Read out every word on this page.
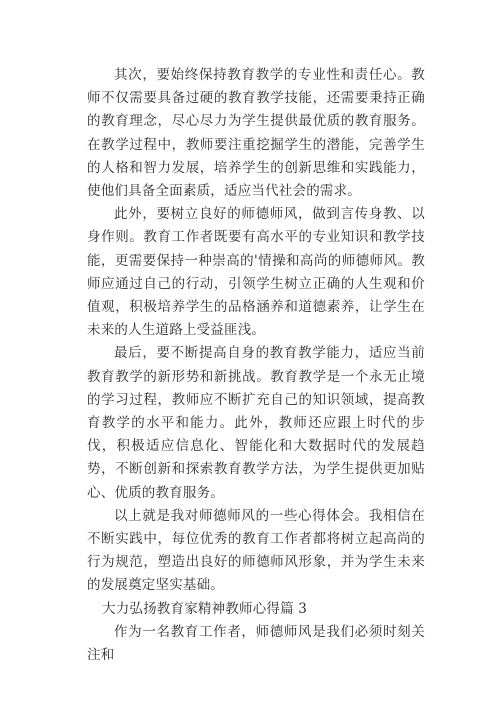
其次，要始终保持教育教学的专业性和责任心。教师不仅需要具备过硬的教育教学技能，还需要秉持正确的教育理念，尽心尽力为学生提供最优质的教育服务。在教学过程中，教师要注重挖掘学生的潜能，完善学生的人格和智力发展，培养学生的创新思维和实践能力，使他们具备全面素质，适应当代社会的需求。

此外，要树立良好的师德师风，做到言传身教、以身作则。教育工作者既要有高水平的专业知识和教学技能，更需要保持一种崇高的'情操和高尚的师德师风。教师应通过自己的行动，引领学生树立正确的人生观和价值观，积极培养学生的品格涵养和道德素养，让学生在未来的人生道路上受益匪浅。

最后，要不断提高自身的教育教学能力，适应当前教育教学的新形势和新挑战。教育教学是一个永无止境的学习过程，教师应不断扩充自己的知识领域，提高教育教学的水平和能力。此外，教师还应跟上时代的步伐，积极适应信息化、智能化和大数据时代的发展趋势，不断创新和探索教育教学方法，为学生提供更加贴心、优质的教育服务。

以上就是我对师德师风的一些心得体会。我相信在不断实践中，每位优秀的教育工作者都将树立起高尚的行为规范，塑造出良好的师德师风形象，并为学生未来的发展奠定坚实基础。

大力弘扬教育家精神教师心得篇 3

作为一名教育工作者，师德师风是我们必须时刻关注和
